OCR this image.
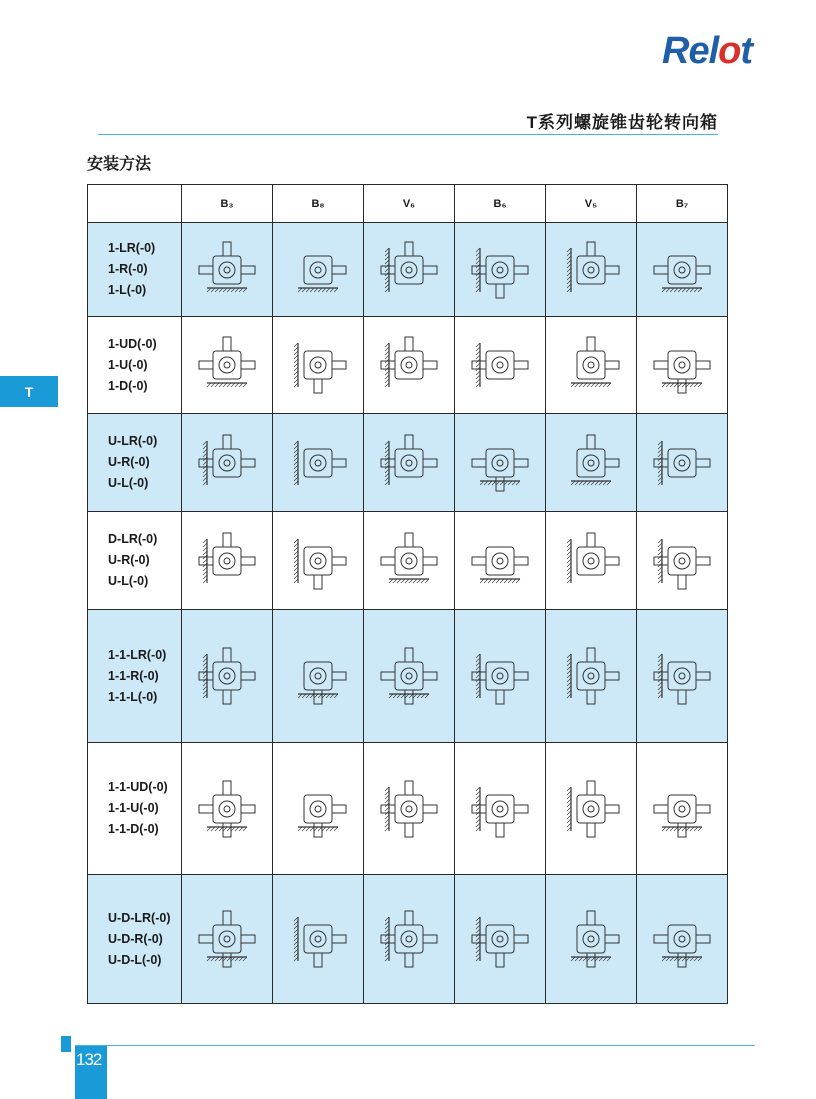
Relot
T系列螺旋锥齿轮转向箱
安装方法
T
	B₃	B₈	V₆	B₆	V₅	B₇

1-LR(-0)
1-R(-0)
1-L(-0)

1-UD(-0)
1-U(-0)
1-D(-0)

U-LR(-0)
U-R(-0)
U-L(-0)

D-LR(-0)
U-R(-0)
U-L(-0)

1-1-LR(-0)
1-1-R(-0)
1-1-L(-0)

1-1-UD(-0)
1-1-U(-0)
1-1-D(-0)

U-D-LR(-0)
U-D-R(-0)
U-D-L(-0)

132
